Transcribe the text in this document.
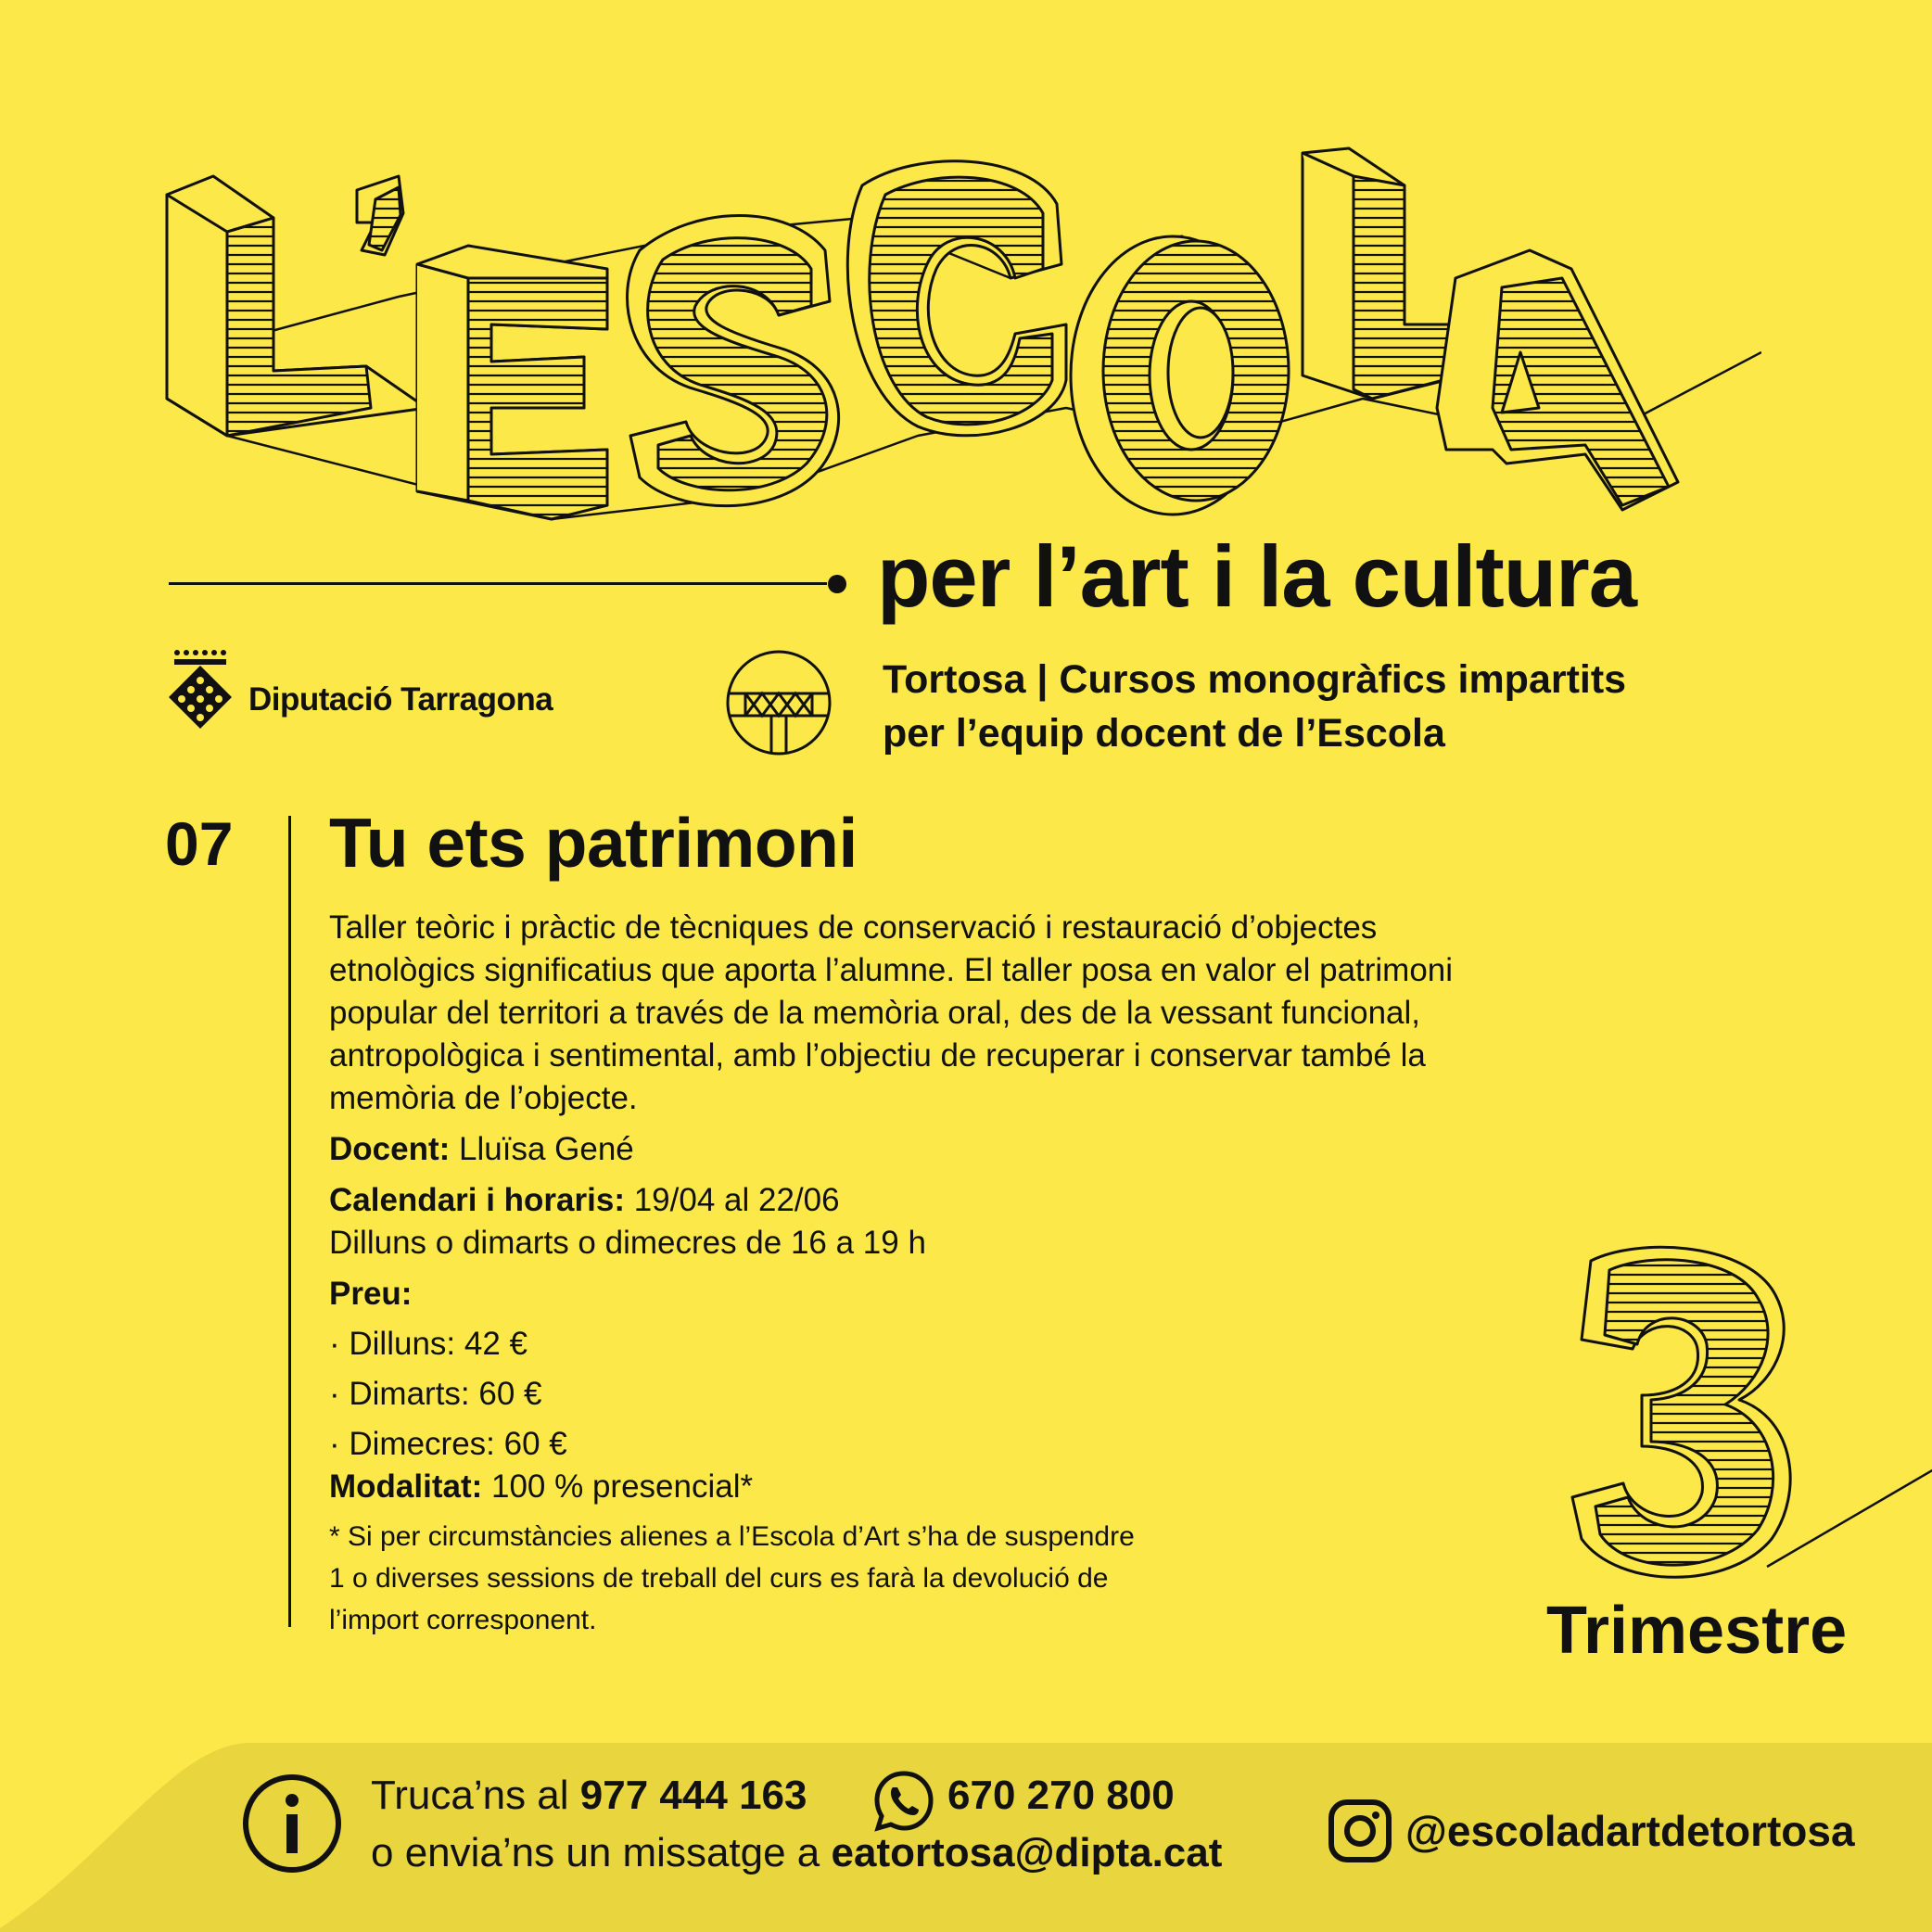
per l’art i la cultura
Diputació Tarragona	Tortosa | Cursos monogràfics impartits
per l’equip docent de l’Escola
07 Tu ets patrimoni

Taller teòric i pràctic de tècniques de conservació i restauració d’objectes

etnològics significatius que aporta l’alumne. El taller posa en valor el patrimoni

popular del territori a través de la memòria oral, des de la vessant funcional,

antropològica i sentimental, amb l’objectiu de recuperar i conservar també la

memòria de l’objecte.

Docent: Lluïsa Gené

Calendari i horaris: 19/04 al 22/06

Dilluns o dimarts o dimecres de 16 a 19 h

Preu:

· Dilluns: 42 €

· Dimarts: 60 €

· Dimecres: 60 €

Modalitat: 100 % presencial*

* Si per circumstàncies alienes a l’Escola d’Art s’ha de suspendre
1 o diverses sessions de treball del curs es farà la devolució de
l’import corresponent.	Trimestre
Truca’ns al 977 444 163	670 270 800
o envia’ns un missatge a eatortosa@dipta.cat	@escoladartdetortosa
